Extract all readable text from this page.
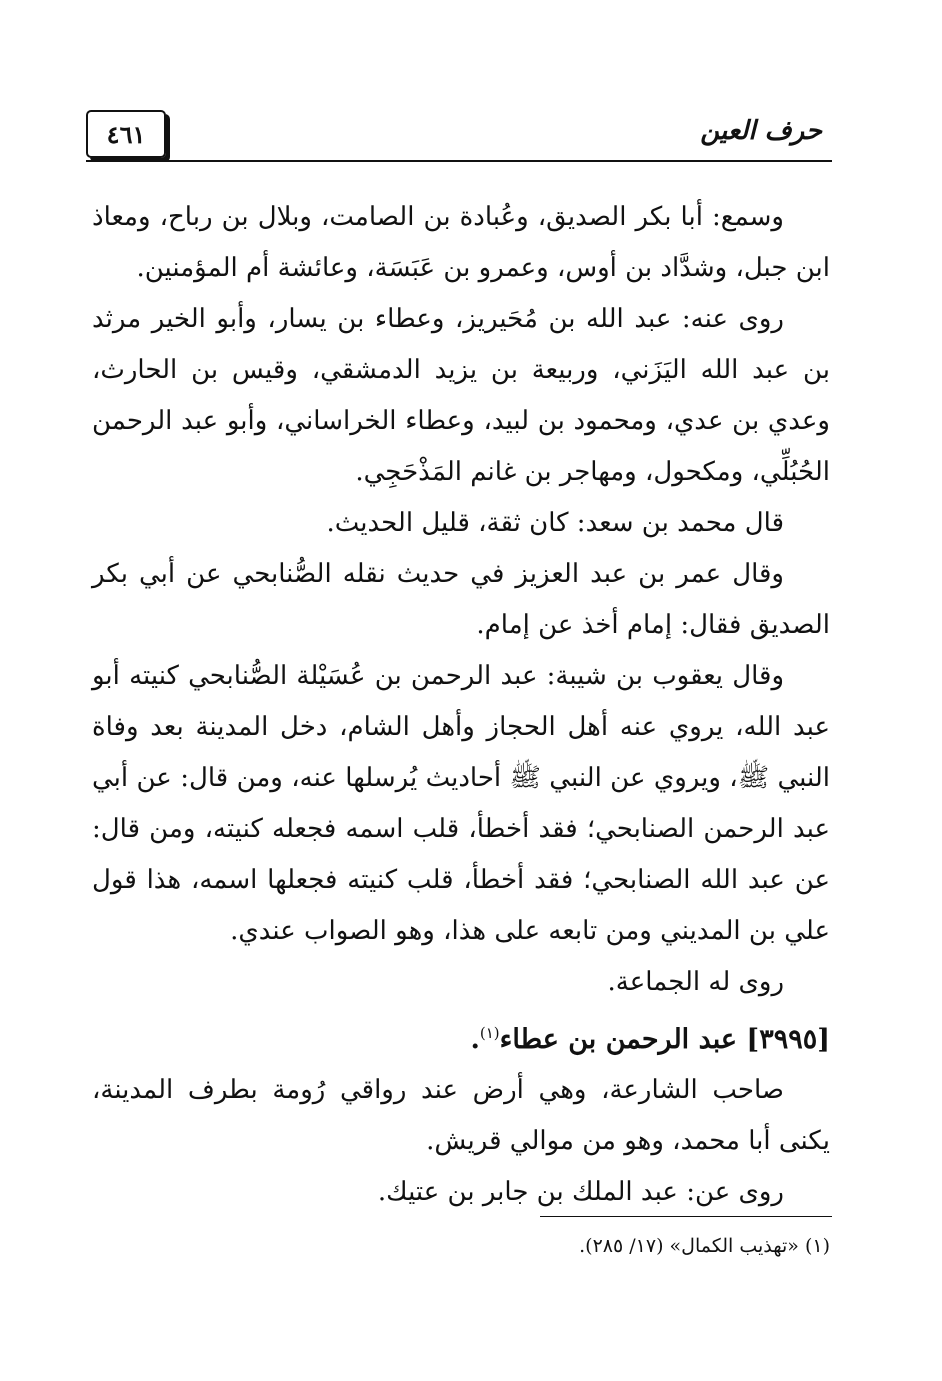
٤٦١	حرف العين

وسمع: أبا بكر الصديق، وعُبادة بن الصامت، وبلال بن رباح، ومعاذ ابن جبل، وشدَّاد بن أوس، وعمرو بن عَبَسَة، وعائشة أم المؤمنين.

روى عنه: عبد الله بن مُحَيريز، وعطاء بن يسار، وأبو الخير مرثد بن عبد الله اليَزَني، وربيعة بن يزيد الدمشقي، وقيس بن الحارث، وعدي بن عدي، ومحمود بن لبيد، وعطاء الخراساني، وأبو عبد الرحمن الحُبُلِّي، ومكحول، ومهاجر بن غانم المَذْحَجِي.

قال محمد بن سعد: كان ثقة، قليل الحديث.

وقال عمر بن عبد العزيز في حديث نقله الصُّنابحي عن أبي بكر الصديق فقال: إمام أخذ عن إمام.

وقال يعقوب بن شيبة: عبد الرحمن بن عُسَيْلة الصُّنابحي كنيته أبو عبد الله، يروي عنه أهل الحجاز وأهل الشام، دخل المدينة بعد وفاة النبي ﷺ، ويروي عن النبي ﷺ أحاديث يُرسلها عنه، ومن قال: عن أبي عبد الرحمن الصنابحي؛ فقد أخطأ، قلب اسمه فجعله كنيته، ومن قال: عن عبد الله الصنابحي؛ فقد أخطأ، قلب كنيته فجعلها اسمه، هذا قول علي بن المديني ومن تابعه على هذا، وهو الصواب عندي.

روى له الجماعة.

[٣٩٩٥] عبد الرحمن بن عطاء$^{(١)}$.

صاحب الشارعة، وهي أرض عند رواقي رُومة بطرف المدينة، يكنى أبا محمد، وهو من موالي قريش.

روى عن: عبد الملك بن جابر بن عتيك.

(١) «تهذيب الكمال» (١٧/ ٢٨٥).
